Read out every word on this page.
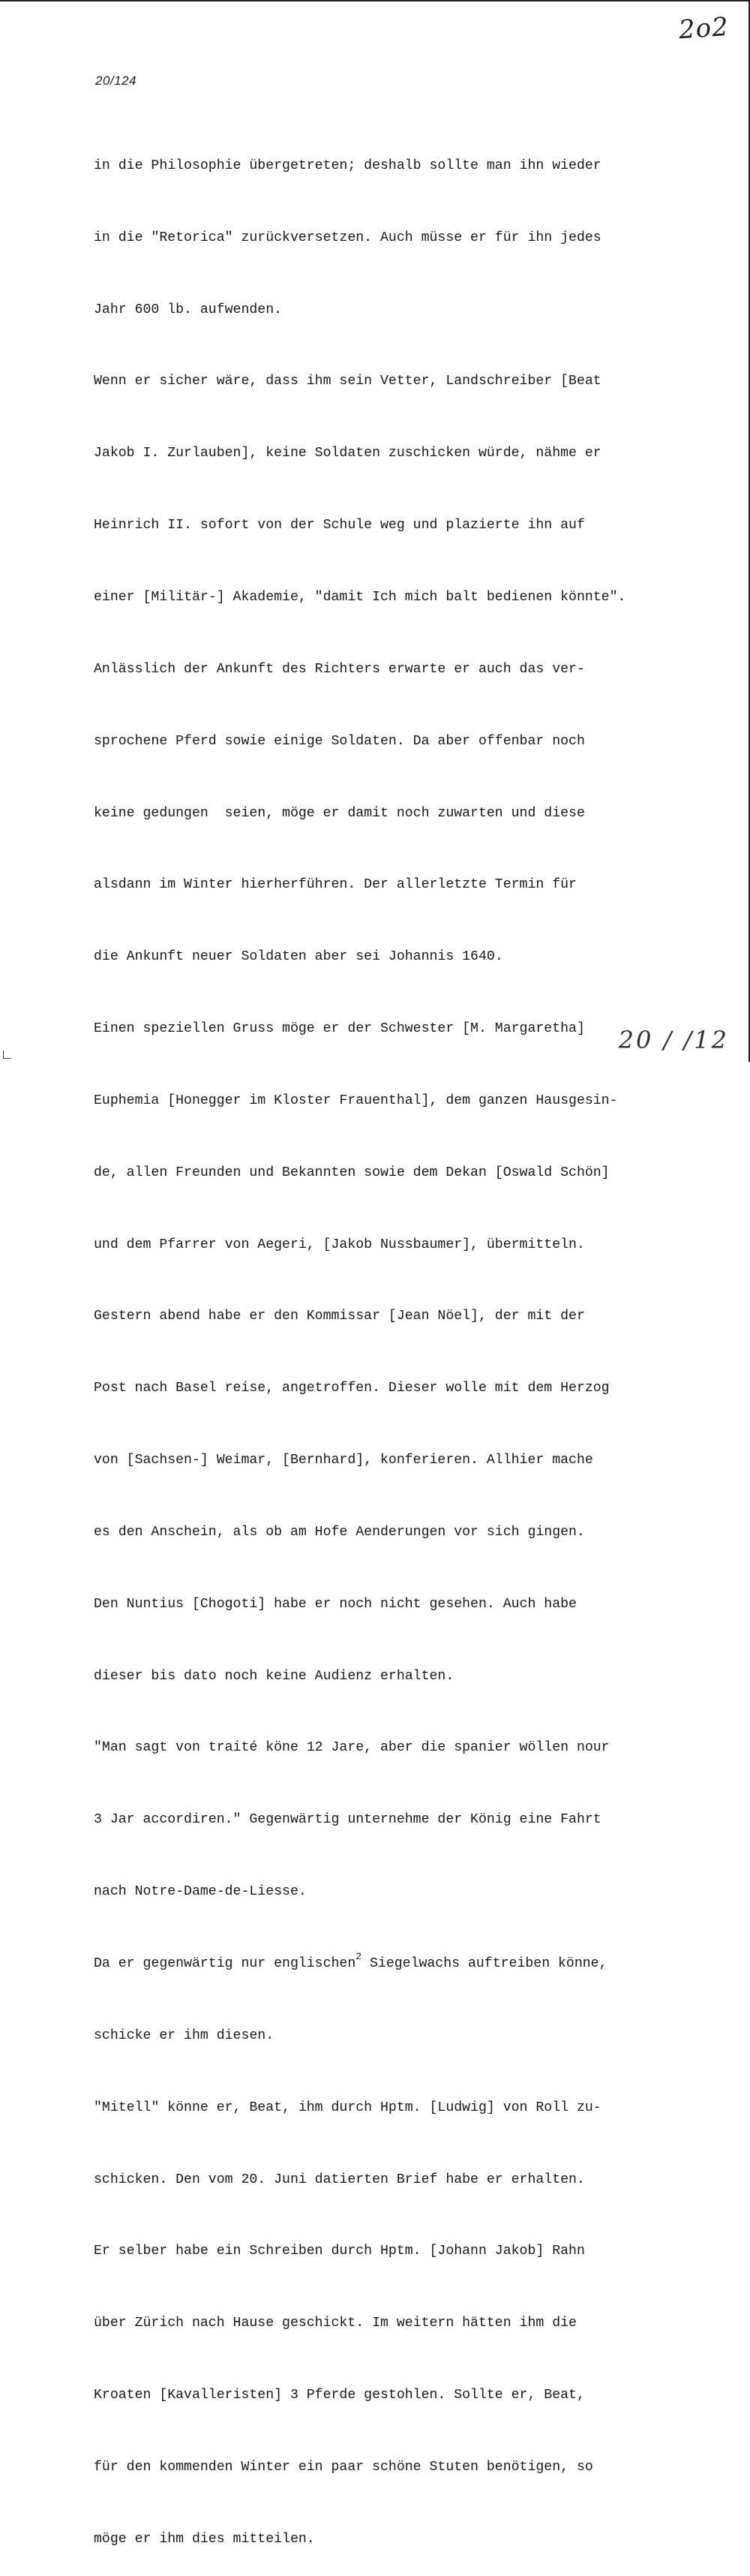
2o2
20/124

in die Philosophie übergetreten; deshalb sollte man ihn wieder

in die "Retorica" zurückversetzen. Auch müsse er für ihn jedes

Jahr 600 lb. aufwenden.

Wenn er sicher wäre, dass ihm sein Vetter, Landschreiber [Beat

Jakob I. Zurlauben], keine Soldaten zuschicken würde, nähme er

Heinrich II. sofort von der Schule weg und plazierte ihn auf

einer [Militär-] Akademie, "damit Ich mich balt bedienen könnte".

Anlässlich der Ankunft des Richters erwarte er auch das ver-

sprochene Pferd sowie einige Soldaten. Da aber offenbar noch

keine gedungen  seien, möge er damit noch zuwarten und diese

alsdann im Winter hierherführen. Der allerletzte Termin für

die Ankunft neuer Soldaten aber sei Johannis 1640.

Einen speziellen Gruss möge er der Schwester [M. Margaretha]

Euphemia [Honegger im Kloster Frauenthal], dem ganzen Hausgesin-

de, allen Freunden und Bekannten sowie dem Dekan [Oswald Schön]

und dem Pfarrer von Aegeri, [Jakob Nussbaumer], übermitteln.

Gestern abend habe er den Kommissar [Jean Nöel], der mit der

Post nach Basel reise, angetroffen. Dieser wolle mit dem Herzog

von [Sachsen-] Weimar, [Bernhard], konferieren. Allhier mache

es den Anschein, als ob am Hofe Aenderungen vor sich gingen.

Den Nuntius [Chogoti] habe er noch nicht gesehen. Auch habe

dieser bis dato noch keine Audienz erhalten.

"Man sagt von traité köne 12 Jare, aber die spanier wöllen nour

3 Jar accordiren." Gegenwärtig unternehme der König eine Fahrt

nach Notre-Dame-de-Liesse.

Da er gegenwärtig nur englischen$^2$ Siegelwachs auftreiben könne,

schicke er ihm diesen.

"Mitell" könne er, Beat, ihm durch Hptm. [Ludwig] von Roll zu-

schicken. Den vom 20. Juni datierten Brief habe er erhalten.

Er selber habe ein Schreiben durch Hptm. [Johann Jakob] Rahn

über Zürich nach Hause geschickt. Im weitern hätten ihm die

Kroaten [Kavalleristen] 3 Pferde gestohlen. Sollte er, Beat,

für den kommenden Winter ein paar schöne Stuten benötigen, so

möge er ihm dies mitteilen.

20 / /12
